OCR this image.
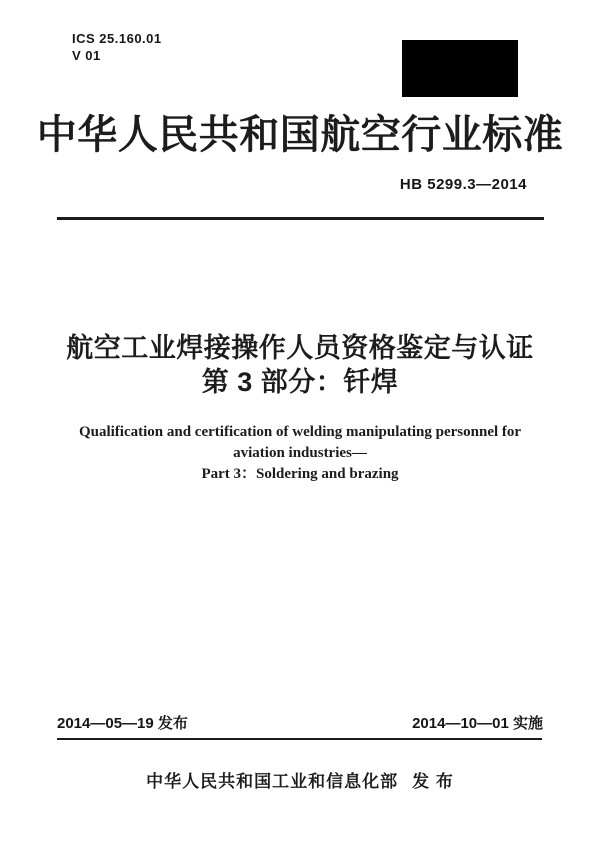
ICS 25.160.01
V 01
中华人民共和国航空行业标准
HB 5299.3—2014
航空工业焊接操作人员资格鉴定与认证
第 3 部分：钎焊
Qualification and certification of welding manipulating personnel for
aviation industries—
Part 3：Soldering and brazing
2014—05—19 发布	2014—10—01 实施
中华人民共和国工业和信息化部 发 布
